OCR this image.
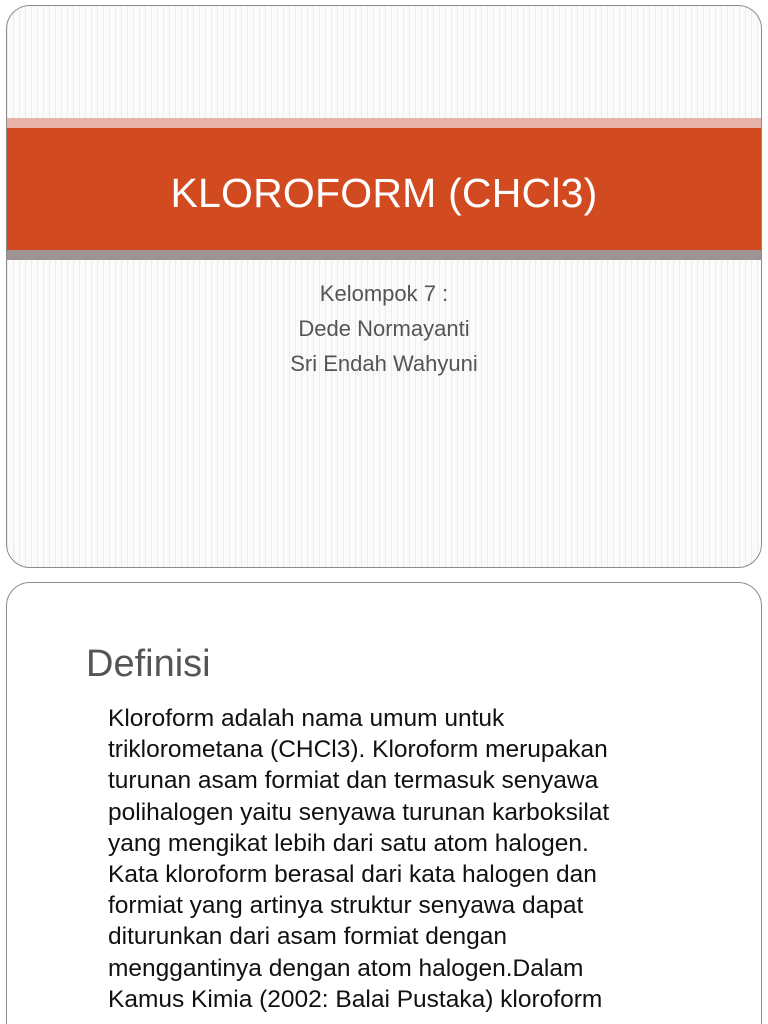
KLOROFORM (CHCl3)
Kelompok 7 :
Dede Normayanti
Sri Endah Wahyuni
Definisi
Kloroform adalah nama umum untuk
triklorometana (CHCl3). Kloroform merupakan
turunan asam formiat dan termasuk senyawa
polihalogen yaitu senyawa turunan karboksilat
yang mengikat lebih dari satu atom halogen.
Kata kloroform berasal dari kata halogen dan
formiat yang artinya struktur senyawa dapat
diturunkan dari asam formiat dengan
menggantinya dengan atom halogen.Dalam
Kamus Kimia (2002: Balai Pustaka) kloroform
